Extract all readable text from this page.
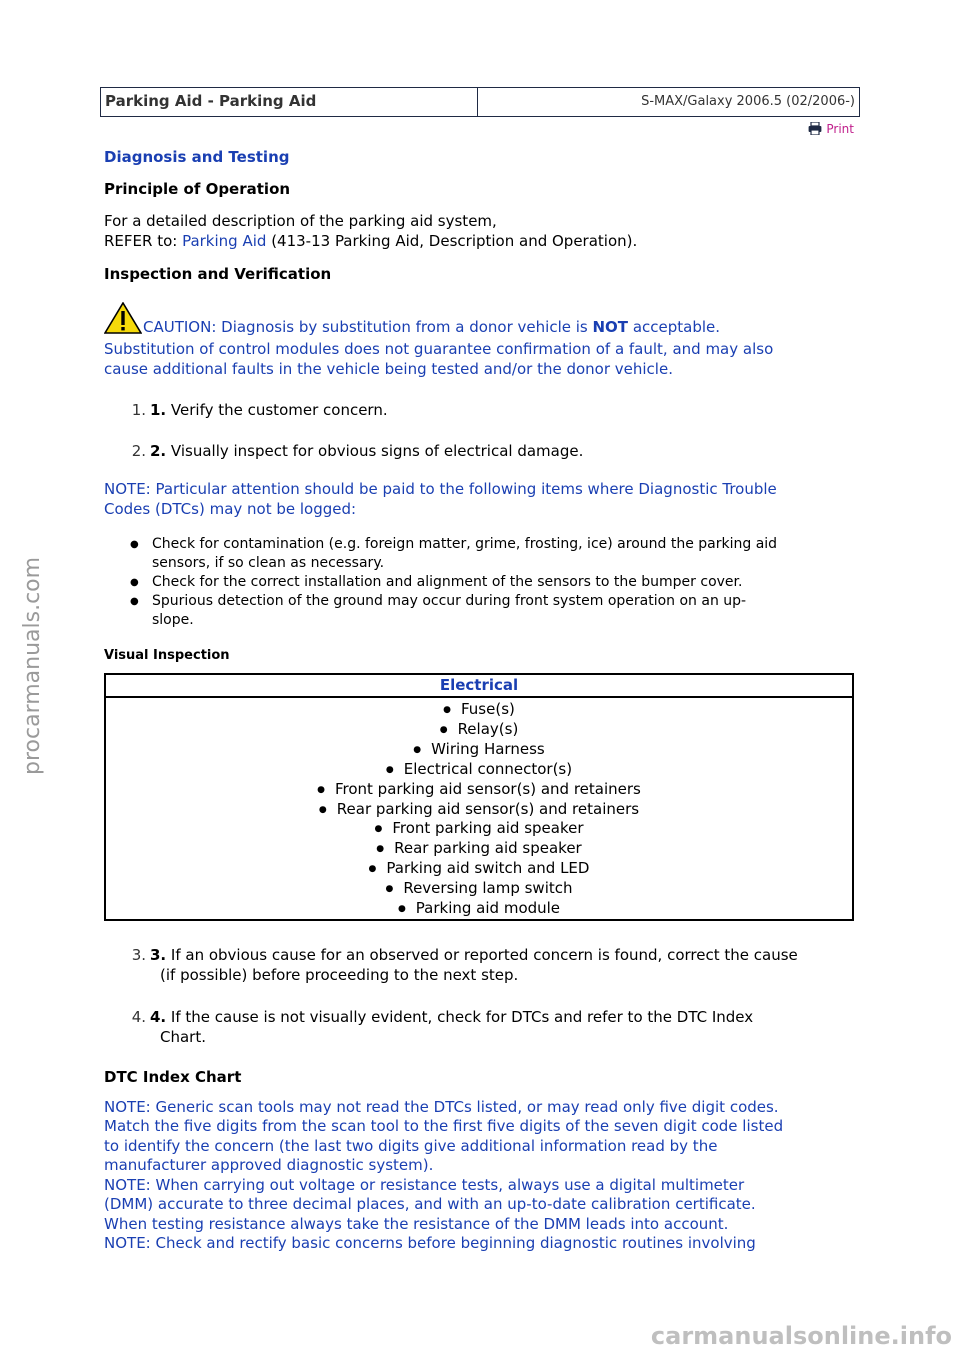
Parking Aid - Parking Aid	S-MAX/Galaxy 2006.5 (02/2006-)
Print
Diagnosis and Testing
Principle of Operation
For a detailed description of the parking aid system,
REFER to: Parking Aid (413-13 Parking Aid, Description and Operation).
Inspection and Verification
CAUTION: Diagnosis by substitution from a donor vehicle is NOT acceptable.
Substitution of control modules does not guarantee confirmation of a fault, and may also
cause additional faults in the vehicle being tested and/or the donor vehicle.
1. 1. Verify the customer concern.
2. 2. Visually inspect for obvious signs of electrical damage.
NOTE: Particular attention should be paid to the following items where Diagnostic Trouble
Codes (DTCs) may not be logged:
● Check for contamination (e.g. foreign matter, grime, frosting, ice) around the parking aid
sensors, if so clean as necessary.
● Check for the correct installation and alignment of the sensors to the bumper cover.
● Spurious detection of the ground may occur during front system operation on an up-
slope.
Visual Inspection
Electrical
● Fuse(s)
● Relay(s)
● Wiring Harness
● Electrical connector(s)
● Front parking aid sensor(s) and retainers
● Rear parking aid sensor(s) and retainers
● Front parking aid speaker
● Rear parking aid speaker
● Parking aid switch and LED
● Reversing lamp switch
● Parking aid module
3. 3. If an obvious cause for an observed or reported concern is found, correct the cause
(if possible) before proceeding to the next step.
4. 4. If the cause is not visually evident, check for DTCs and refer to the DTC Index
Chart.
DTC Index Chart
NOTE: Generic scan tools may not read the DTCs listed, or may read only five digit codes.
Match the five digits from the scan tool to the first five digits of the seven digit code listed
to identify the concern (the last two digits give additional information read by the
manufacturer approved diagnostic system).
NOTE: When carrying out voltage or resistance tests, always use a digital multimeter
(DMM) accurate to three decimal places, and with an up-to-date calibration certificate.
When testing resistance always take the resistance of the DMM leads into account.
NOTE: Check and rectify basic concerns before beginning diagnostic routines involving
procarmanuals.com
carmanualsonline.info
